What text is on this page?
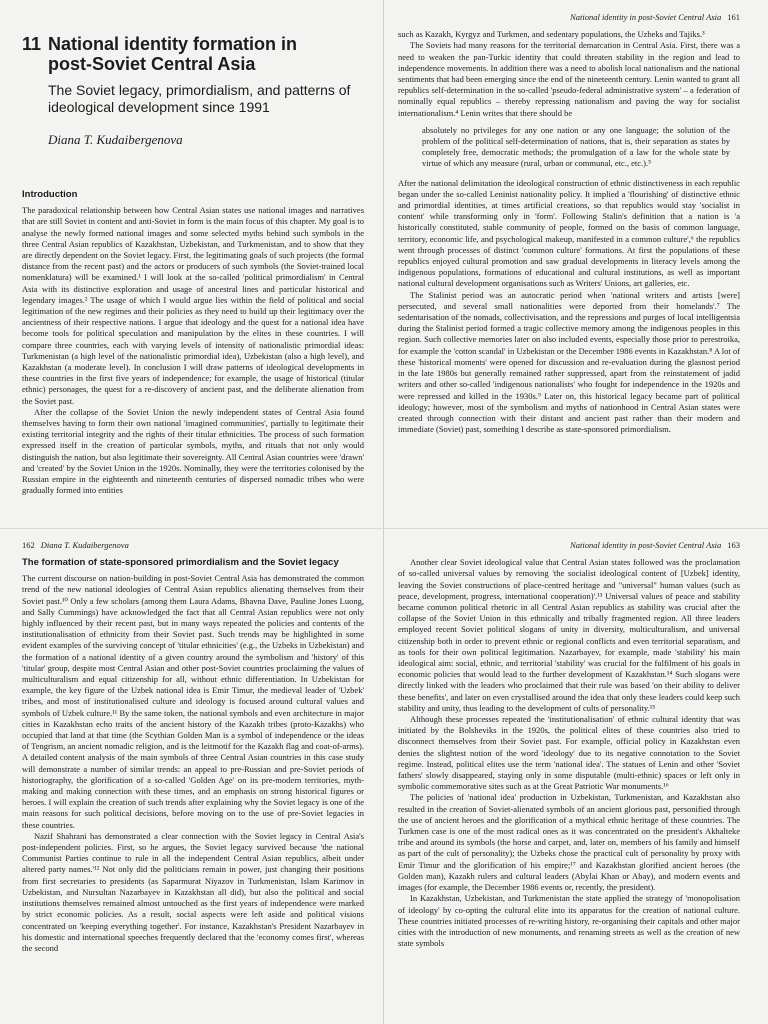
11 National identity formation in
post-Soviet Central Asia
The Soviet legacy, primordialism, and patterns of ideological development since 1991
Diana T. Kudaibergenova
Introduction

The paradoxical relationship between how Central Asian states use national images and narratives that are still Soviet in content and anti-Soviet in form is the main focus of this chapter. My goal is to analyse the newly formed national images and some selected myths behind such symbols in the three Central Asian republics of Kazakhstan, Uzbekistan, and Turkmenistan, and to show that they are directly dependent on the Soviet legacy. First, the legitimating goals of such projects (the formal distance from the recent past) and the actors or producers of such symbols (the Soviet-trained local nomenklatura) will be examined.¹ I will look at the so-called 'political primordialism' in Central Asia with its distinctive exploration and usage of ancestral lines and particular historical and legendary images.² The usage of which I would argue lies within the field of political and social legitimation of the new regimes and their policies as they need to build up their legitimacy over the ancientness of their respective nations. I argue that ideology and the quest for a national idea have become tools for political speculation and manipulation by the elites in these countries. I will compare three countries, each with varying levels of intensity of nationalistic primordial ideas: Turkmenistan (a high level of the nationalistic primordial idea), Uzbekistan (also a high level), and Kazakhstan (a moderate level). In conclusion I will draw patterns of ideological developments in these countries in the first five years of independence; for example, the usage of historical (titular ethnic) personages, the quest for a re-discovery of ancient past, and the deliberate alienation from the Soviet past.

After the collapse of the Soviet Union the newly independent states of Central Asia found themselves having to form their own national 'imagined communities', partially to legitimate their existing territorial integrity and the rights of their titular ethnicities. The process of such formation expressed itself in the creation of particular symbols, myths, and rituals that not only would distinguish the nation, but also legitimate their sovereignty. All Central Asian countries were 'drawn' and 'created' by the Soviet Union in the 1920s. Nominally, they were the territories colonised by the Russian empire in the eighteenth and nineteenth centuries of dispersed nomadic tribes who were gradually formed into entities

National identity in post-Soviet Central Asia 161

such as Kazakh, Kyrgyz and Turkmen, and sedentary populations, the Uzbeks and Tajiks.³

The Soviets had many reasons for the territorial demarcation in Central Asia. First, there was a need to weaken the pan-Turkic identity that could threaten stability in the region and lead to independence movements. In addition there was a need to abolish local nationalism and the national sentiments that had been emerging since the end of the nineteenth century. Lenin wanted to grant all republics self-determination in the so-called 'pseudo-federal administrative system' – a federation of nominally equal republics – thereby repressing nationalism and paving the way for socialist internationalism.⁴ Lenin writes that there should be

absolutely no privileges for any one nation or any one language; the solution of the problem of the political self-determination of nations, that is, their separation as states by completely free, democratic methods; the promulgation of a law for the whole state by virtue of which any measure (rural, urban or communal, etc., etc.).⁵

After the national delimitation the ideological construction of ethnic distinctiveness in each republic began under the so-called Leninist nationality policy. It implied a 'flourishing' of distinctive ethnic and primordial identities, at times artificial creations, so that republics would stay 'socialist in content' while transforming only in 'form'. Following Stalin's definition that a nation is 'a historically constituted, stable community of people, formed on the basis of common language, territory, economic life, and psychological makeup, manifested in a common culture',⁶ the republics went through processes of distinct 'common culture' formations. At first the populations of these republics enjoyed cultural promotion and saw gradual developments in literacy levels among the indigenous populations, formations of educational and cultural institutions, as well as important national cultural development organisations such as Writers' Unions, art galleries, etc.

The Stalinist period was an autocratic period when 'national writers and artists [were] persecuted, and several small nationalities were deported from their homelands'.⁷ The sedentarisation of the nomads, collectivisation, and the repressions and purges of local intelligentsia during the Stalinist period formed a tragic collective memory among the indigenous peoples in this region. Such collective memories later on also included events, especially those prior to perestroika, for example the 'cotton scandal' in Uzbekistan or the December 1986 events in Kazakhstan.⁸ A lot of these 'historical moments' were opened for discussion and re-evaluation during the glasnost period in the late 1980s but generally remained rather suppressed, apart from the reinstatement of jadid writers and other so-called 'indigenous nationalists' who fought for independence in the 1920s and were repressed and killed in the 1930s.⁹ Later on, this historical legacy became part of political ideology; however, most of the symbolism and myths of nationhood in Central Asian states were created through connection with their distant and ancient past rather than their modern and immediate (Soviet) past, something I describe as state-sponsored primordialism.

162 Diana T. Kudaibergenova
The formation of state-sponsored primordialism and the Soviet legacy

The current discourse on nation-building in post-Soviet Central Asia has demonstrated the common trend of the new national ideologies of Central Asian republics alienating themselves from their Soviet past.¹⁰ Only a few scholars (among them Laura Adams, Bhavna Dave, Pauline Jones Luong, and Sally Cummings) have acknowledged the fact that all Central Asian republics were not only highly influenced by their recent past, but in many ways repeated the policies and contents of the institutionalisation of ethnicity from their Soviet past. Such trends may be highlighted in some evident examples of the surviving concept of 'titular ethnicities' (e.g., the Uzbeks in Uzbekistan) and the formation of a national identity of a given country around the symbolism and 'history' of this 'titular' group, despite most Central Asian and other post-Soviet countries proclaiming the values of multiculturalism and equal citizenship for all, without ethnic differentiation. In Uzbekistan for example, the key figure of the Uzbek national idea is Emir Timur, the medieval leader of 'Uzbek' tribes, and most of institutionalised culture and ideology is focused around cultural values and symbols of Uzbek culture.¹¹ By the same token, the national symbols and even architecture in major cities in Kazakhstan echo traits of the ancient history of the Kazakh tribes (proto-Kazakhs) who occupied that land at that time (the Scythian Golden Man is a symbol of independence or the ideas of Tengrism, an ancient nomadic religion, and is the leitmotif for the Kazakh flag and coat-of-arms). A detailed content analysis of the main symbols of three Central Asian countries in this case study will demonstrate a number of similar trends: an appeal to pre-Russian and pre-Soviet periods of historiography, the glorification of a so-called 'Golden Age' on its pre-modern territories, myth-making and making connection with these times, and an emphasis on strong historical figures or heroes. I will explain the creation of such trends after explaining why the Soviet legacy is one of the main reasons for such political decisions, before moving on to the use of pre-Soviet legacies in these countries.

Nazif Shahrani has demonstrated a clear connection with the Soviet legacy in Central Asia's post-independent policies. First, so he argues, the Soviet legacy survived because 'the national Communist Parties continue to rule in all the independent Central Asian republics, albeit under altered party names.'¹² Not only did the politicians remain in power, just changing their positions from first secretaries to presidents (as Saparmurat Niyazov in Turkmenistan, Islam Karimov in Uzbekistan, and Nursultan Nazarbayev in Kazakhstan all did), but also the political and social institutions themselves remained almost untouched as the first years of independence were marked by strict economic policies. As a result, social aspects were left aside and political visions concentrated on 'keeping everything together'. For instance, Kazakhstan's President Nazarbayev in his domestic and international speeches frequently declared that the 'economy comes first', whereas the second

National identity in post-Soviet Central Asia 163

Another clear Soviet ideological value that Central Asian states followed was the proclamation of so-called universal values by removing 'the socialist ideological content of [Uzbek] identity, leaving the Soviet constructions of place-centred heritage and "universal" human values (such as peace, development, progress, international cooperation)'.¹³ Universal values of peace and stability became common political rhetoric in all Central Asian republics as stability was crucial after the collapse of the Soviet Union in this ethnically and tribally fragmented region. All three leaders employed recent Soviet political slogans of unity in diversity, multiculturalism, and universal citizenship both in order to prevent ethnic or regional conflicts and even territorial separatism, and as tools for their own political legitimation. Nazarbayev, for example, made 'stability' his main ideological aim: social, ethnic, and territorial 'stability' was crucial for the fulfilment of his goals in economic policies that would lead to the further development of Kazakhstan.¹⁴ Such slogans were directly linked with the leaders who proclaimed that their rule was based 'on their ability to deliver these benefits', and later on even crystallised around the idea that only these leaders could keep such stability and unity, thus leading to the development of cults of personality.¹⁵

Although these processes repeated the 'institutionalisation' of ethnic cultural identity that was initiated by the Bolsheviks in the 1920s, the political elites of these countries also tried to disconnect themselves from their Soviet past. For example, official policy in Kazakhstan even denies the slightest notion of the word 'ideology' due to its negative connotation to the Soviet regime. Instead, political elites use the term 'national idea'. The statues of Lenin and other 'Soviet fathers' slowly disappeared, staying only in some disputable (multi-ethnic) spaces or left only in symbolic commemorative sites such as at the Great Patriotic War monuments.¹⁶

The policies of 'national idea' production in Uzbekistan, Turkmenistan, and Kazakhstan also resulted in the creation of Soviet-alienated symbols of an ancient glorious past, personified through the use of ancient heroes and the glorification of a mythical ethnic heritage of these countries. The Turkmen case is one of the most radical ones as it was concentrated on the president's Akhalteke tribe and around its symbols (the horse and carpet, and, later on, members of his family and himself as part of the cult of personality); the Uzbeks chose the practical cult of personality by proxy with Emir Timur and the glorification of his empire;¹⁷ and Kazakhstan glorified ancient heroes (the Golden man), Kazakh rulers and cultural leaders (Abylai Khan or Abay), and modern events and images (for example, the December 1986 events or, recently, the president).

In Kazakhstan, Uzbekistan, and Turkmenistan the state applied the strategy of 'monopolisation of ideology' by co-opting the cultural elite into its apparatus for the creation of national culture. These countries initiated processes of re-writing history, re-organising their capitals and other major cities with the introduction of new monuments, and renaming streets as well as the creation of new state symbols
